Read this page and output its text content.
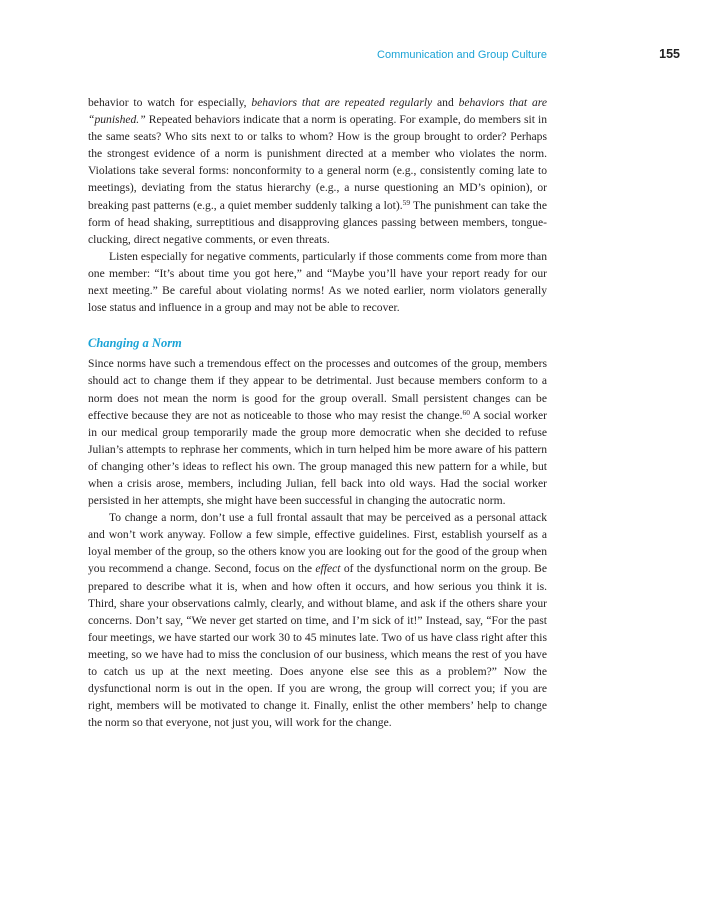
Communication and Group Culture	155

behavior to watch for especially, behaviors that are repeated regularly and behaviors that are “punished.” Repeated behaviors indicate that a norm is operating. For example, do members sit in the same seats? Who sits next to or talks to whom? How is the group brought to order? Perhaps the strongest evidence of a norm is punishment directed at a member who violates the norm. Violations take several forms: nonconformity to a general norm (e.g., consistently coming late to meetings), deviating from the status hierarchy (e.g., a nurse questioning an MD’s opinion), or breaking past patterns (e.g., a quiet member suddenly talking a lot).$^{59}$ The punishment can take the form of head shaking, surreptitious and disapproving glances passing between members, tongue-clucking, direct negative comments, or even threats.

Listen especially for negative comments, particularly if those comments come from more than one member: “It’s about time you got here,” and “Maybe you’ll have your report ready for our next meeting.” Be careful about violating norms! As we noted earlier, norm violators generally lose status and influence in a group and may not be able to recover.

Changing a Norm

Since norms have such a tremendous effect on the processes and outcomes of the group, members should act to change them if they appear to be detrimental. Just because members conform to a norm does not mean the norm is good for the group overall. Small persistent changes can be effective because they are not as noticeable to those who may resist the change.$^{60}$ A social worker in our medical group temporarily made the group more democratic when she decided to refuse Julian’s attempts to rephrase her comments, which in turn helped him be more aware of his pattern of changing other’s ideas to reflect his own. The group managed this new pattern for a while, but when a crisis arose, members, including Julian, fell back into old ways. Had the social worker persisted in her attempts, she might have been successful in changing the autocratic norm.

To change a norm, don’t use a full frontal assault that may be perceived as a personal attack and won’t work anyway. Follow a few simple, effective guidelines. First, establish yourself as a loyal member of the group, so the others know you are looking out for the good of the group when you recommend a change. Second, focus on the effect of the dysfunctional norm on the group. Be prepared to describe what it is, when and how often it occurs, and how serious you think it is. Third, share your observations calmly, clearly, and without blame, and ask if the others share your concerns. Don’t say, “We never get started on time, and I’m sick of it!” Instead, say, “For the past four meetings, we have started our work 30 to 45 minutes late. Two of us have class right after this meeting, so we have had to miss the conclusion of our business, which means the rest of you have to catch us up at the next meeting. Does anyone else see this as a problem?” Now the dysfunctional norm is out in the open. If you are wrong, the group will correct you; if you are right, members will be motivated to change it. Finally, enlist the other members’ help to change the norm so that everyone, not just you, will work for the change.
